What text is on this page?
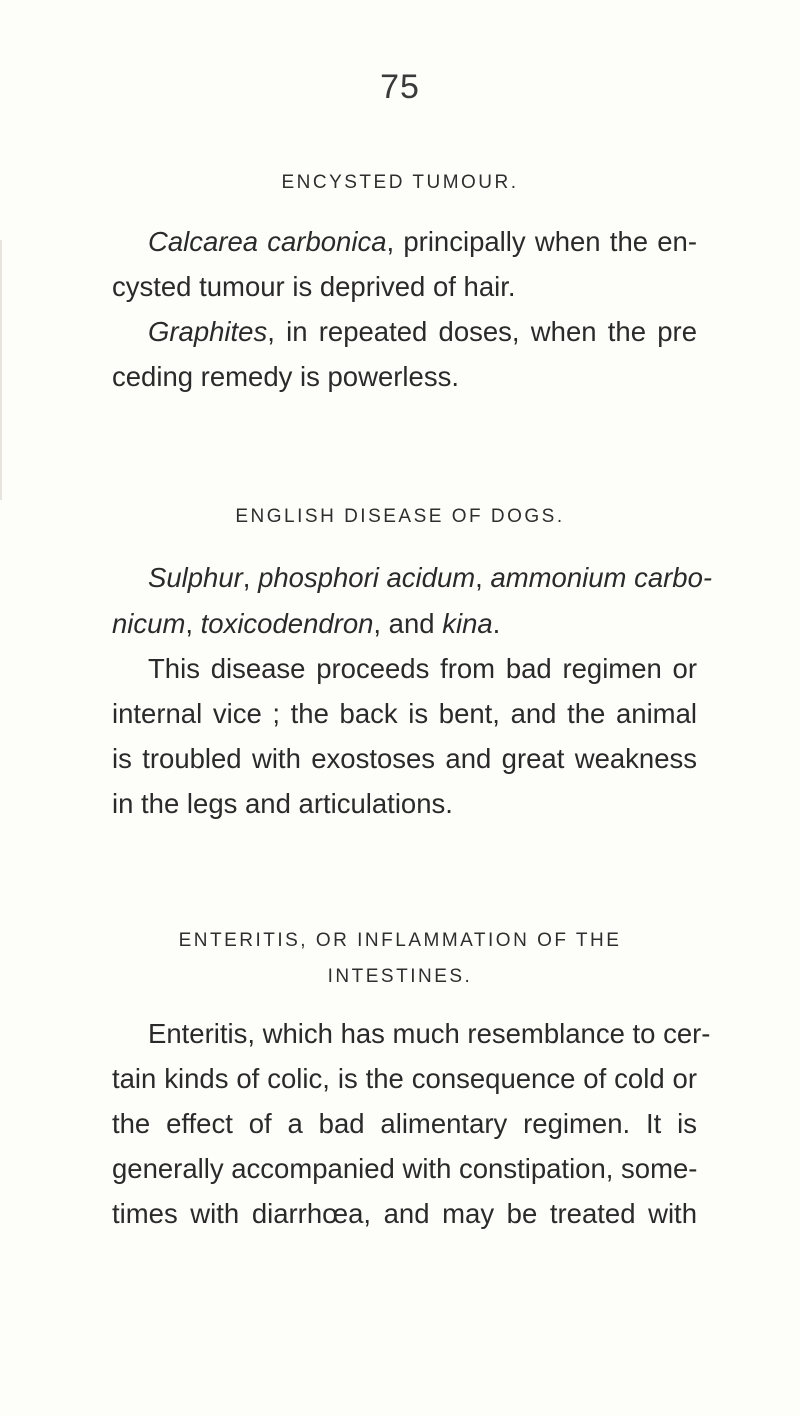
75
ENCYSTED TUMOUR.
Calcarea carbonica, principally when the en-
cysted tumour is deprived of hair.
Graphites, in repeated doses, when the pre
ceding remedy is powerless.
ENGLISH DISEASE OF DOGS.
Sulphur, phosphori acidum, ammonium carbo-
nicum, toxicodendron, and kina.
This disease proceeds from bad regimen or
internal vice ; the back is bent, and the animal
is troubled with exostoses and great weakness
in the legs and articulations.
ENTERITIS, OR INFLAMMATION OF THE
INTESTINES.
Enteritis, which has much resemblance to cer-
tain kinds of colic, is the consequence of cold or
the effect of a bad alimentary regimen. It is
generally accompanied with constipation, some-
times with diarrhœa, and may be treated with
